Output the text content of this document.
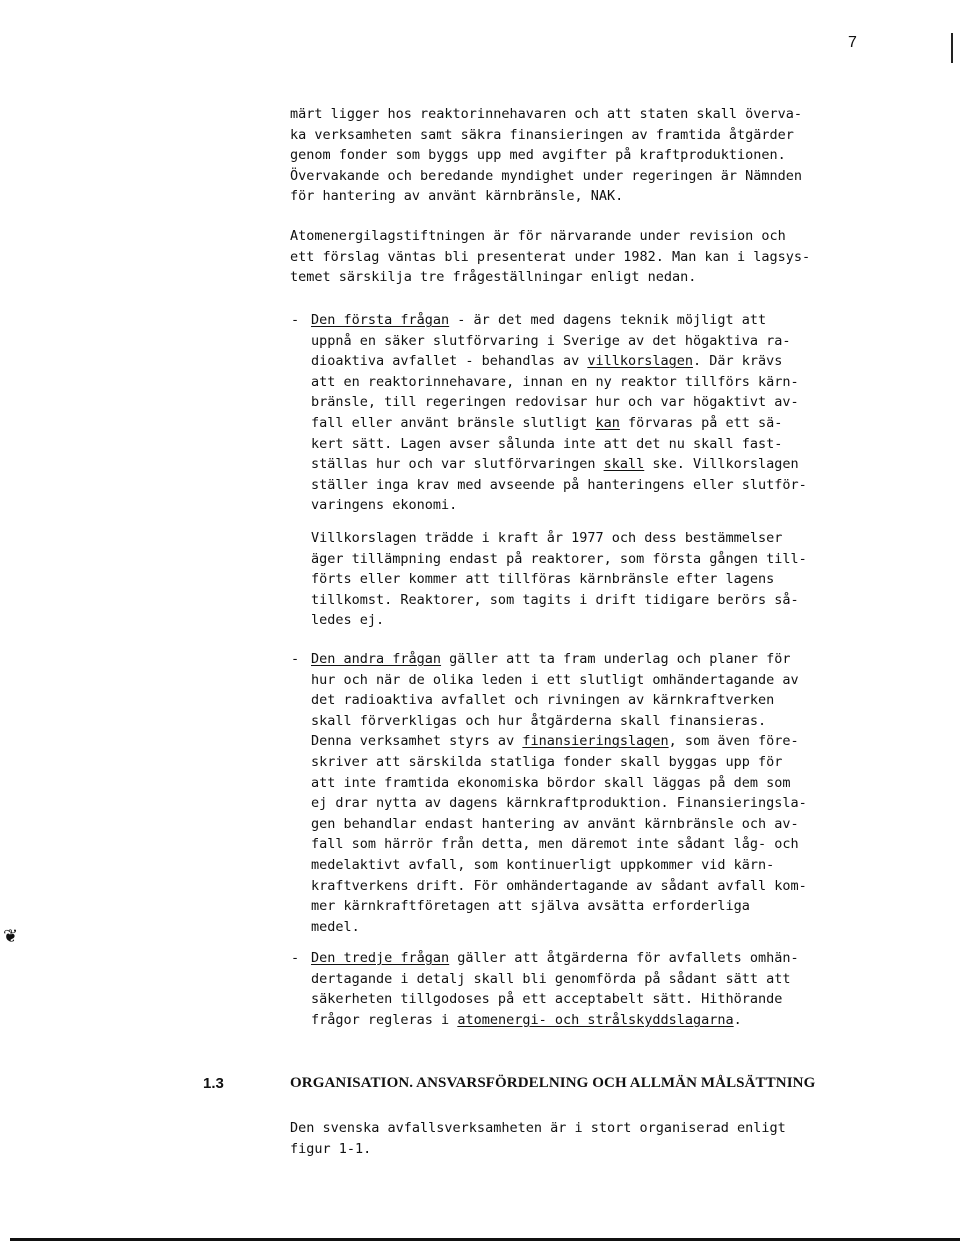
7
märt ligger hos reaktorinnehavaren och att staten skall överva-
ka verksamheten samt säkra finansieringen av framtida åtgärder
genom fonder som byggs upp med avgifter på kraftproduktionen.
Övervakande och beredande myndighet under regeringen är Nämnden
för hantering av använt kärnbränsle, NAK.
Atomenergilagstiftningen är för närvarande under revision och
ett förslag väntas bli presenterat under 1982. Man kan i lagsys-
temet särskilja tre frågeställningar enligt nedan.
- Den första frågan - är det med dagens teknik möjligt att
uppnå en säker slutförvaring i Sverige av det högaktiva ra-
dioaktiva avfallet - behandlas av villkorslagen. Där krävs
att en reaktorinnehavare, innan en ny reaktor tillförs kärn-
bränsle, till regeringen redovisar hur och var högaktivt av-
fall eller använt bränsle slutligt kan förvaras på ett sä-
kert sätt. Lagen avser sålunda inte att det nu skall fast-
ställas hur och var slutförvaringen skall ske. Villkorslagen
ställer inga krav med avseende på hanteringens eller slutför-
varingens ekonomi.
Villkorslagen trädde i kraft år 1977 och dess bestämmelser
äger tillämpning endast på reaktorer, som första gången till-
förts eller kommer att tillföras kärnbränsle efter lagens
tillkomst. Reaktorer, som tagits i drift tidigare berörs så-
ledes ej.
- Den andra frågan gäller att ta fram underlag och planer för
hur och när de olika leden i ett slutligt omhändertagande av
det radioaktiva avfallet och rivningen av kärnkraftverken
skall förverkligas och hur åtgärderna skall finansieras.
Denna verksamhet styrs av finansieringslagen, som även före-
skriver att särskilda statliga fonder skall byggas upp för
att inte framtida ekonomiska bördor skall läggas på dem som
ej drar nytta av dagens kärnkraftproduktion. Finansieringsla-
gen behandlar endast hantering av använt kärnbränsle och av-
fall som härrör från detta, men däremot inte sådant låg- och
medelaktivt avfall, som kontinuerligt uppkommer vid kärn-
kraftverkens drift. För omhändertagande av sådant avfall kom-
mer kärnkraftföretagen att själva avsätta erforderliga
medel.
❦
- Den tredje frågan gäller att åtgärderna för avfallets omhän-
dertagande i detalj skall bli genomförda på sådant sätt att
säkerheten tillgodoses på ett acceptabelt sätt. Hithörande
frågor regleras i atomenergi- och strålskyddslagarna.
1.3	ORGANISATION. ANSVARSFÖRDELNING OCH ALLMÄN MÅLSÄTTNING
Den svenska avfallsverksamheten är i stort organiserad enligt
figur 1-1.
